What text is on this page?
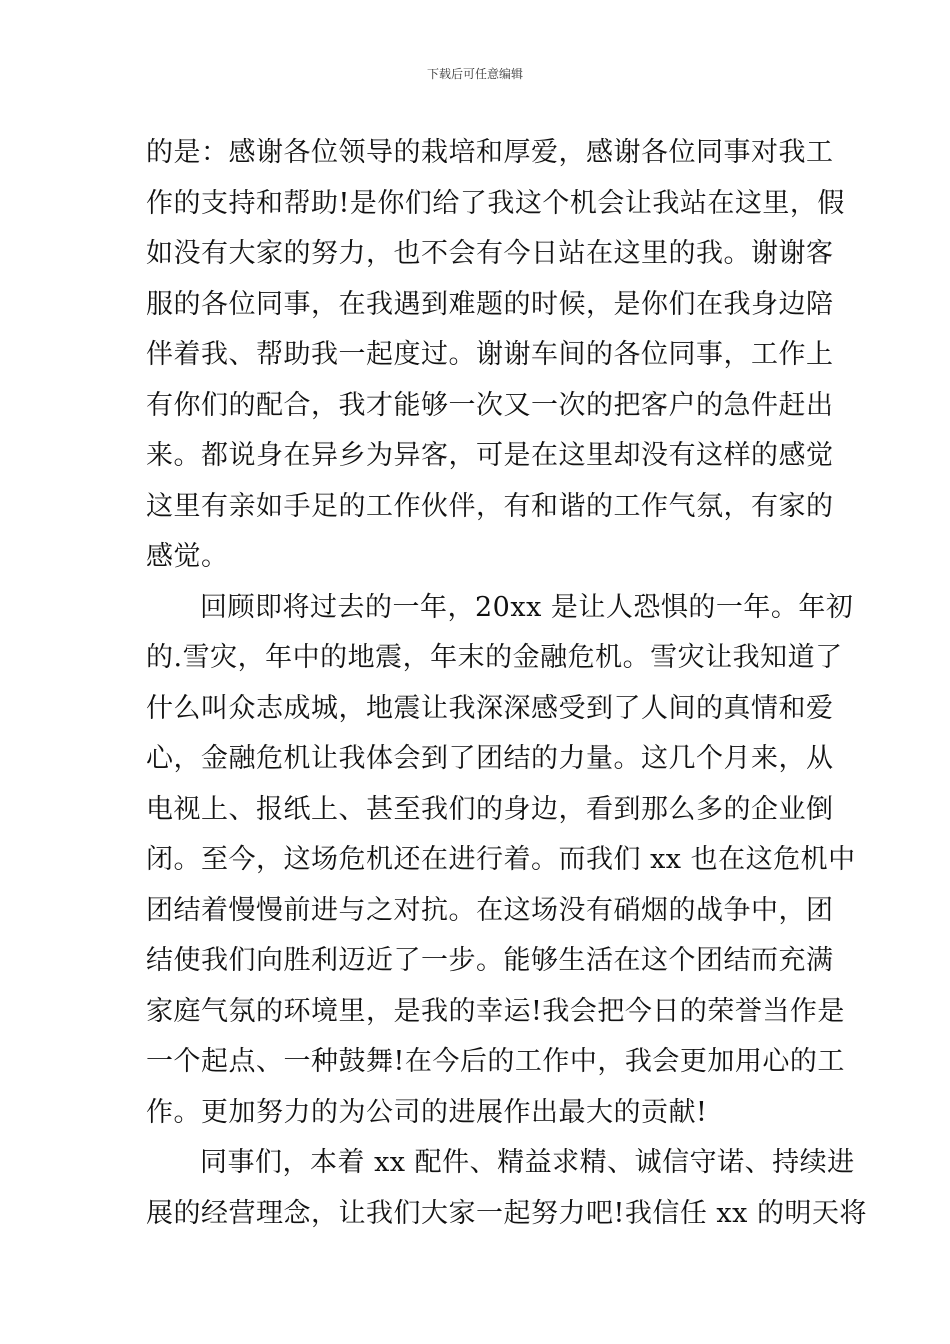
下载后可任意编辑
的是：感谢各位领导的栽培和厚爱，感谢各位同事对我工
作的支持和帮助!是你们给了我这个机会让我站在这里，假
如没有大家的努力，也不会有今日站在这里的我。谢谢客
服的各位同事，在我遇到难题的时候，是你们在我身边陪
伴着我、帮助我一起度过。谢谢车间的各位同事，工作上
有你们的配合，我才能够一次又一次的把客户的急件赶出
来。都说身在异乡为异客，可是在这里却没有这样的感觉
这里有亲如手足的工作伙伴，有和谐的工作气氛，有家的
感觉。
回顾即将过去的一年，20xx 是让人恐惧的一年。年初
的.雪灾，年中的地震，年末的金融危机。雪灾让我知道了
什么叫众志成城，地震让我深深感受到了人间的真情和爱
心，金融危机让我体会到了团结的力量。这几个月来，从
电视上、报纸上、甚至我们的身边，看到那么多的企业倒
闭。至今，这场危机还在进行着。而我们 xx 也在这危机中
团结着慢慢前进与之对抗。在这场没有硝烟的战争中，团
结使我们向胜利迈近了一步。能够生活在这个团结而充满
家庭气氛的环境里，是我的幸运!我会把今日的荣誉当作是
一个起点、一种鼓舞!在今后的工作中，我会更加用心的工
作。更加努力的为公司的进展作出最大的贡献!
同事们，本着 xx 配件、精益求精、诚信守诺、持续进
展的经营理念，让我们大家一起努力吧!我信任 xx 的明天将
